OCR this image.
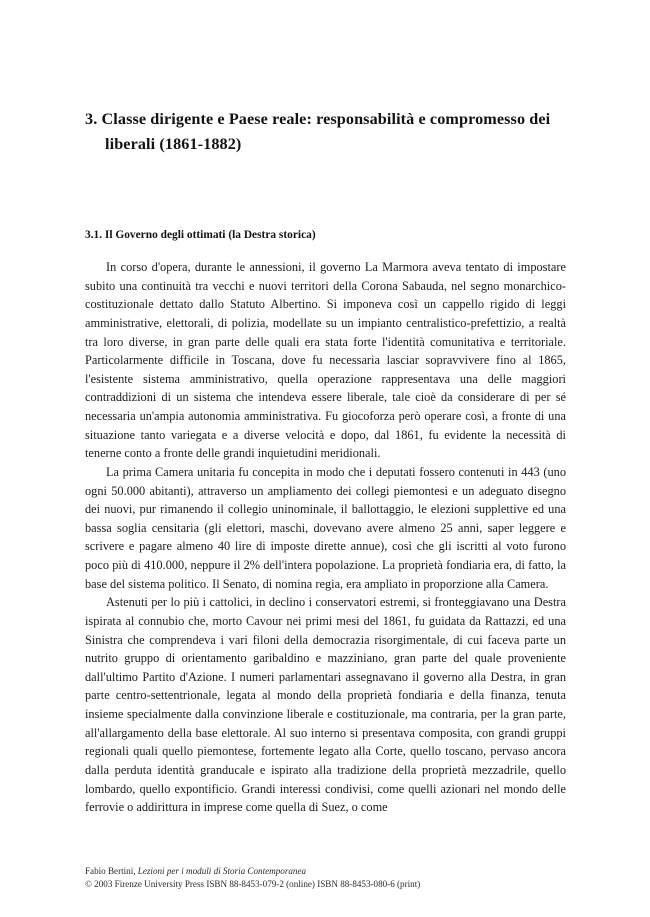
3. Classe dirigente e Paese reale: responsabilità e compromesso dei liberali (1861-1882)
3.1. Il Governo degli ottimati (la Destra storica)

In corso d'opera, durante le annessioni, il governo La Marmora aveva tentato di impostare subito una continuità tra vecchi e nuovi territori della Corona Sabauda, nel segno monarchico-costituzionale dettato dallo Statuto Albertino. Si imponeva così un cappello rigido di leggi amministrative, elettorali, di polizia, modellate su un impianto centralistico-prefettizio, a realtà tra loro diverse, in gran parte delle quali era stata forte l'identità comunitativa e territoriale. Particolarmente difficile in Toscana, dove fu necessaria lasciar sopravvivere fino al 1865, l'esistente sistema amministrativo, quella operazione rappresentava una delle maggiori contraddizioni di un sistema che intendeva essere liberale, tale cioè da considerare di per sé necessaria un'ampia autonomia amministrativa. Fu giocoforza però operare così, a fronte di una situazione tanto variegata e a diverse velocità e dopo, dal 1861, fu evidente la necessità di tenerne conto a fronte delle grandi inquietudini meridionali.

La prima Camera unitaria fu concepita in modo che i deputati fossero contenuti in 443 (uno ogni 50.000 abitanti), attraverso un ampliamento dei collegi piemontesi e un adeguato disegno dei nuovi, pur rimanendo il collegio uninominale, il ballottaggio, le elezioni supplettive ed una bassa soglia censitaria (gli elettori, maschi, dovevano avere almeno 25 anni, saper leggere e scrivere e pagare almeno 40 lire di imposte dirette annue), così che gli iscritti al voto furono poco più di 410.000, neppure il 2% dell'intera popolazione. La proprietà fondiaria era, di fatto, la base del sistema politico. Il Senato, di nomina regia, era ampliato in proporzione alla Camera.

Astenuti per lo più i cattolici, in declino i conservatori estremi, si fronteggiavano una Destra ispirata al connubio che, morto Cavour nei primi mesi del 1861, fu guidata da Rattazzi, ed una Sinistra che comprendeva i vari filoni della democrazia risorgimentale, di cui faceva parte un nutrito gruppo di orientamento garibaldino e mazziniano, gran parte del quale proveniente dall'ultimo Partito d'Azione. I numeri parlamentari assegnavano il governo alla Destra, in gran parte centro-settentrionale, legata al mondo della proprietà fondiaria e della finanza, tenuta insieme specialmente dalla convinzione liberale e costituzionale, ma contraria, per la gran parte, all'allargamento della base elettorale. Al suo interno si presentava composita, con grandi gruppi regionali quali quello piemontese, fortemente legato alla Corte, quello toscano, pervaso ancora dalla perduta identità granducale e ispirato alla tradizione della proprietà mezzadrile, quello lombardo, quello expontificio. Grandi interessi condivisi, come quelli azionari nel mondo delle ferrovie o addirittura in imprese come quella di Suez, o come

Fabio Bertini, Lezioni per i moduli di Storia Contemporanea
© 2003 Firenze University Press ISBN 88-8453-079-2 (online) ISBN 88-8453-080-6 (print)
